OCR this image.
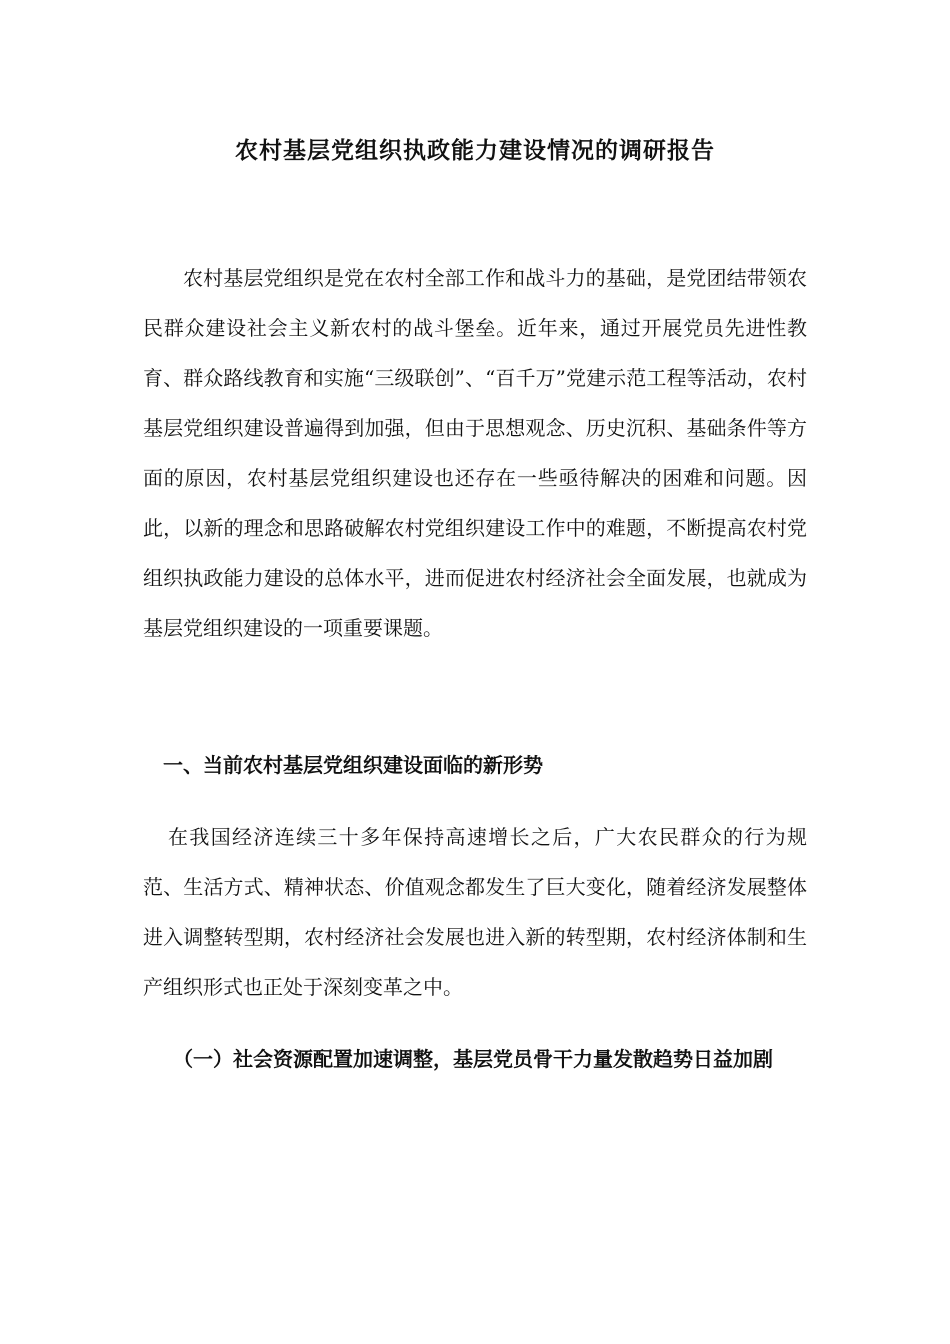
农村基层党组织执政能力建设情况的调研报告

农村基层党组织是党在农村全部工作和战斗力的基础，是党团结带领农民群众建设社会主义新农村的战斗堡垒。近年来，通过开展党员先进性教育、群众路线教育和实施“三级联创”、“百千万”党建示范工程等活动，农村基层党组织建设普遍得到加强，但由于思想观念、历史沉积、基础条件等方面的原因，农村基层党组织建设也还存在一些亟待解决的困难和问题。因此，以新的理念和思路破解农村党组织建设工作中的难题，不断提高农村党组织执政能力建设的总体水平，进而促进农村经济社会全面发展，也就成为基层党组织建设的一项重要课题。

一、当前农村基层党组织建设面临的新形势

在我国经济连续三十多年保持高速增长之后，广大农民群众的行为规范、生活方式、精神状态、价值观念都发生了巨大变化，随着经济发展整体进入调整转型期，农村经济社会发展也进入新的转型期，农村经济体制和生产组织形式也正处于深刻变革之中。

（一）社会资源配置加速调整，基层党员骨干力量发散趋势日益加剧
